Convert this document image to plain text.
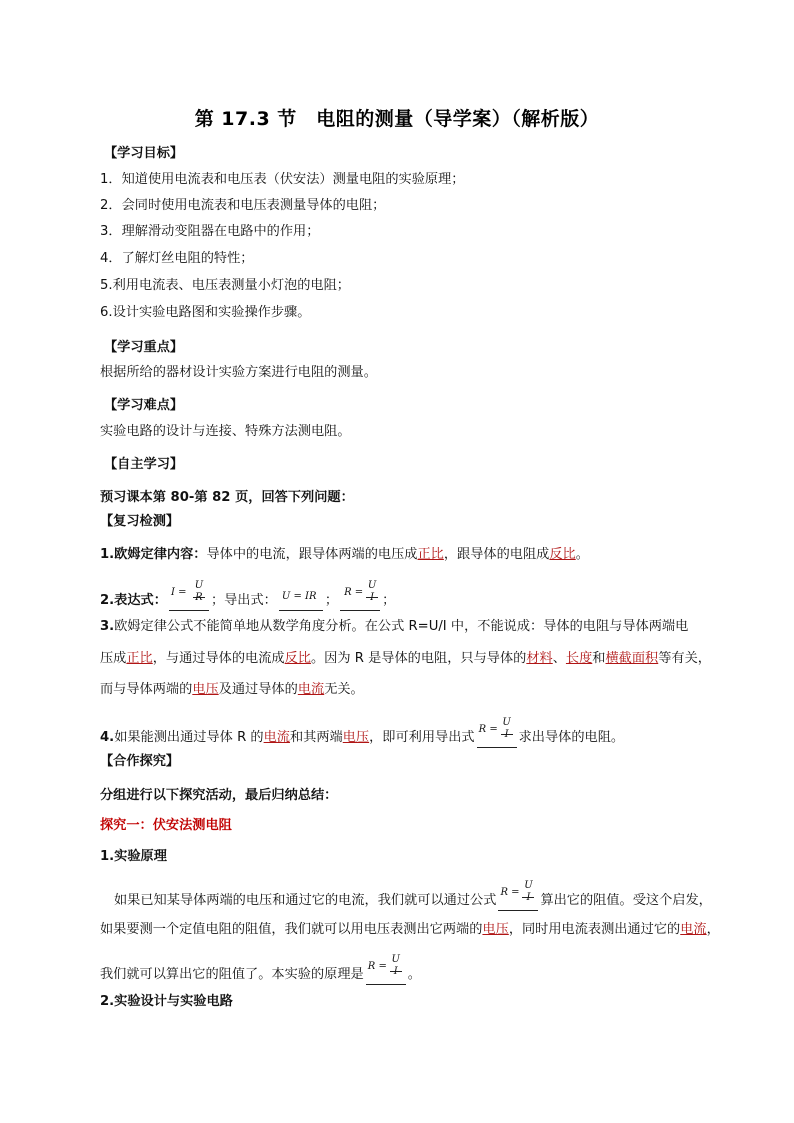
第 17.3 节　电阻的测量（导学案）（解析版）
【学习目标】
1．知道使用电流表和电压表（伏安法）测量电阻的实验原理；
2．会同时使用电流表和电压表测量导体的电阻；
3．理解滑动变阻器在电路中的作用；
4．了解灯丝电阻的特性；
5.利用电流表、电压表测量小灯泡的电阻；
6.设计实验电路图和实验操作步骤。
【学习重点】
根据所给的器材设计实验方案进行电阻的测量。
【学习难点】
实验电路的设计与连接、特殊方法测电阻。
【自主学习】
预习课本第 80-第 82 页，回答下列问题：
【复习检测】
1.欧姆定律内容：导体中的电流，跟导体两端的电压成正比，跟导体的电阻成反比。
2.表达式：
I =
U
R ；导出式： U = IR ；
R =
U
I ；
3.欧姆定律公式不能简单地从数学角度分析。在公式 R=U/I 中，不能说成：导体的电阻与导体两端电
压成正比，与通过导体的电流成反比。因为 R 是导体的电阻，只与导体的材料、长度和横截面积等有关，
而与导体两端的电压及通过导体的电流无关。
4.如果能测出通过导体 R 的电流和其两端电压，即可利用导出式
R =
U
I 求出导体的电阻。
【合作探究】
分组进行以下探究活动，最后归纳总结：
探究一：伏安法测电阻
1.实验原理
如果已知某导体两端的电压和通过它的电流，我们就可以通过公式
R =
U
I 算出它的阻值。受这个启发，
如果要测一个定值电阻的阻值，我们就可以用电压表测出它两端的电压，同时用电流表测出通过它的电流，
我们就可以算出它的阻值了。本实验的原理是
R =
U
I 。
2.实验设计与实验电路
